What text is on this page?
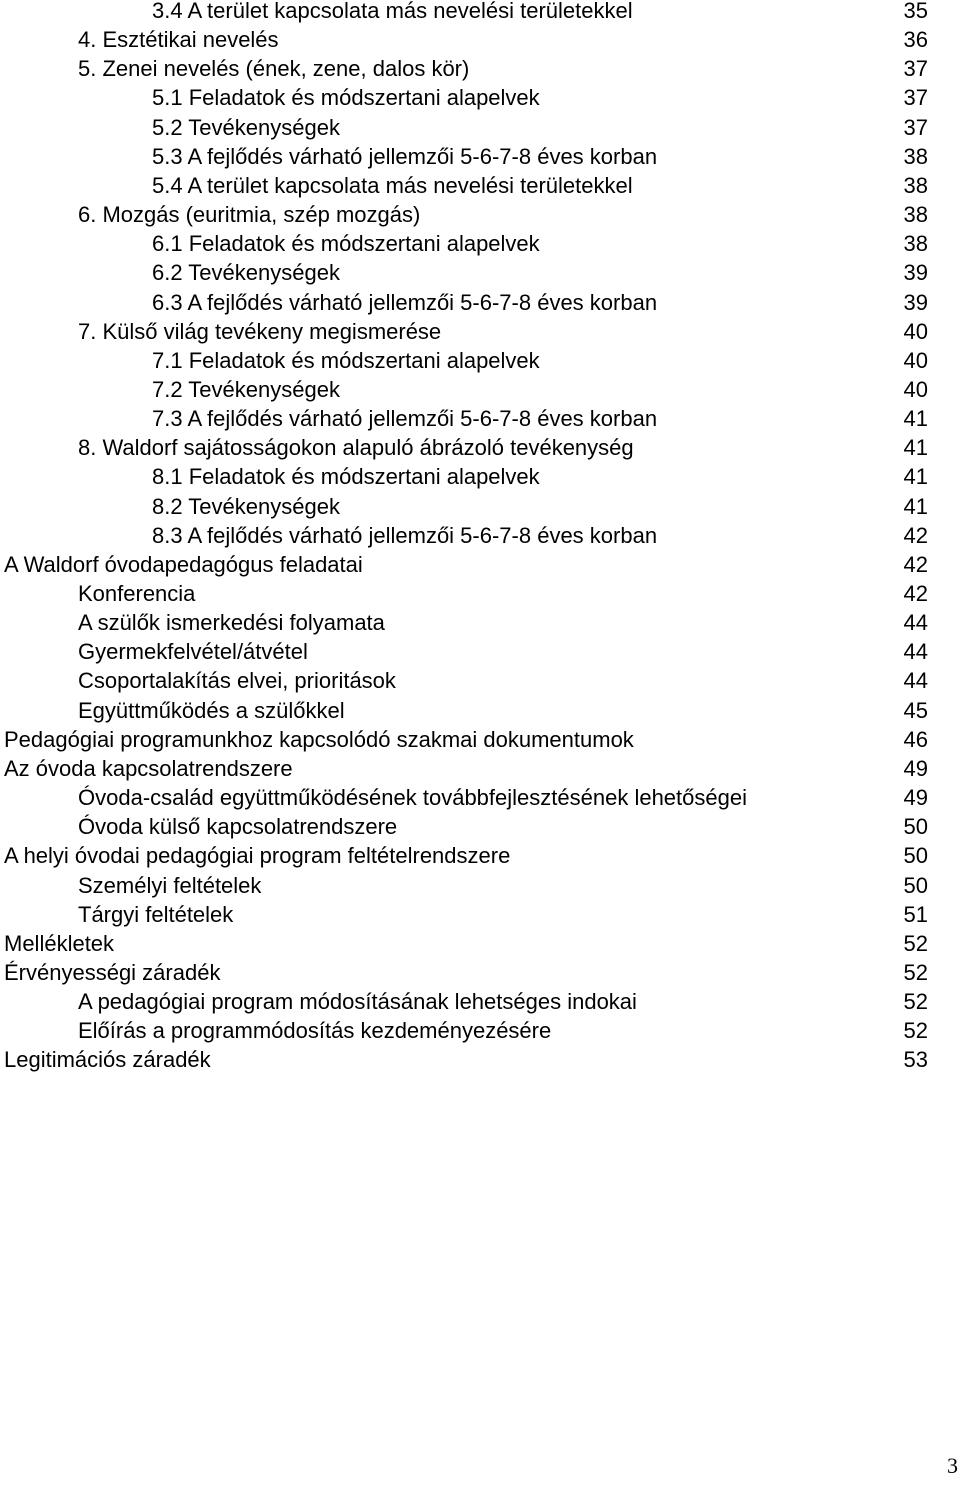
3.4 A terület kapcsolata más nevelési területekkel	35
4. Esztétikai nevelés	36
5. Zenei nevelés (ének, zene, dalos kör)	37
5.1 Feladatok és módszertani alapelvek	37
5.2 Tevékenységek	37
5.3 A fejlődés várható jellemzői 5-6-7-8 éves korban	38
5.4 A terület kapcsolata más nevelési területekkel	38
6. Mozgás (euritmia, szép mozgás)	38
6.1 Feladatok és módszertani alapelvek	38
6.2 Tevékenységek	39
6.3 A fejlődés várható jellemzői 5-6-7-8 éves korban	39
7. Külső világ tevékeny megismerése	40
7.1 Feladatok és módszertani alapelvek	40
7.2 Tevékenységek	40
7.3 A fejlődés várható jellemzői 5-6-7-8 éves korban	41
8. Waldorf sajátosságokon alapuló ábrázoló tevékenység	41
8.1 Feladatok és módszertani alapelvek	41
8.2 Tevékenységek	41
8.3 A fejlődés várható jellemzői 5-6-7-8 éves korban	42
A Waldorf óvodapedagógus feladatai	42
Konferencia	42
A szülők ismerkedési folyamata	44
Gyermekfelvétel/átvétel	44
Csoportalakítás elvei, prioritások	44
Együttműködés a szülőkkel	45
Pedagógiai programunkhoz kapcsolódó szakmai dokumentumok	46
Az óvoda kapcsolatrendszere	49
Óvoda-család együttműködésének továbbfejlesztésének lehetőségei	49
Óvoda külső kapcsolatrendszere	50
A helyi óvodai pedagógiai program feltételrendszere	50
Személyi feltételek	50
Tárgyi feltételek	51
Mellékletek	52
Érvényességi záradék	52
A pedagógiai program módosításának lehetséges indokai	52
Előírás a programmódosítás kezdeményezésére	52
Legitimációs záradék	53
3
